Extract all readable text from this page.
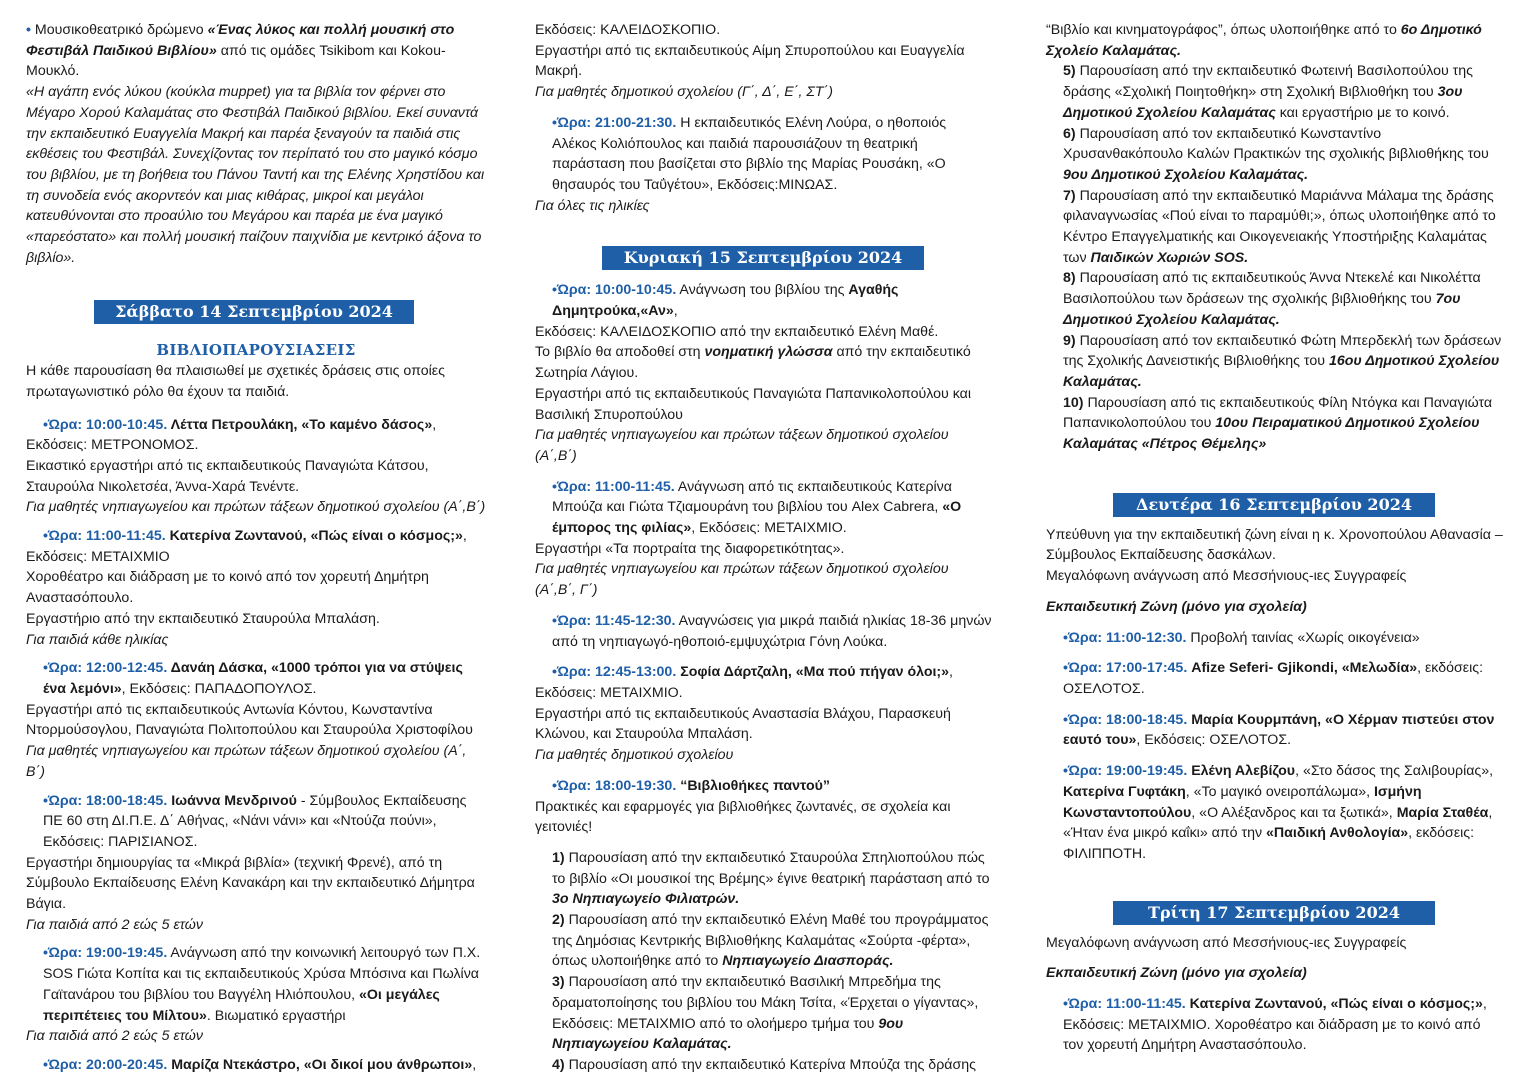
• Μουσικοθεατρικό δρώμενο «Ένας λύκος και πολλή μουσική στο Φεστιβάλ Παιδικού Βιβλίου» από τις ομάδες Tsikibom και Kokou-Μουκλό.

«Η αγάπη ενός λύκου (κούκλα muppet) για τα βιβλία τον φέρνει στο Μέγαρο Χορού Καλαμάτας στο Φεστιβάλ Παιδικού βιβλίου. Εκεί συναντά την εκπαιδευτικό Ευαγγελία Μακρή και παρέα ξεναγούν τα παιδιά στις εκθέσεις του Φεστιβάλ. Συνεχίζοντας τον περίπατό του στο μαγικό κόσμο του βιβλίου, με τη βοήθεια του Πάνου Ταντή και της Ελένης Χρηστίδου και τη συνοδεία ενός ακορντεόν και μιας κιθάρας, μικροί και μεγάλοι κατευθύνονται στο προαύλιο του Μεγάρου και παρέα με ένα μαγικό «παρεόστατο» και πολλή μουσική παίζουν παιχνίδια με κεντρικό άξονα το βιβλίο».

Σάββατο 14 Σεπτεμβρίου 2024

ΒΙΒΛΙΟΠΑΡΟΥΣΙΑΣΕΙΣ

Η κάθε παρουσίαση θα πλαισιωθεί με σχετικές δράσεις στις οποίες πρωταγωνιστικό ρόλο θα έχουν τα παιδιά.

•Ώρα: 10:00-10:45. Λέττα Πετρουλάκη, «Το καμένο δάσος»,

Εκδόσεις: ΜΕΤΡΟΝΟΜΟΣ.

Εικαστικό εργαστήρι από τις εκπαιδευτικούς Παναγιώτα Κάτσου, Σταυρούλα Νικολετσέα, Άννα-Χαρά Τενέντε.

Για μαθητές νηπιαγωγείου και πρώτων τάξεων δημοτικού σχολείου (Α΄,Β΄)

•Ώρα: 11:00-11:45. Κατερίνα Ζωντανού, «Πώς είναι ο κόσμος;»,

Εκδόσεις: ΜΕΤΑΙΧΜΙΟ

Χοροθέατρο και διάδραση με το κοινό από τον χορευτή Δημήτρη Αναστασόπουλο.

Εργαστήριο από την εκπαιδευτικό Σταυρούλα Μπαλάση.

Για παιδιά κάθε ηλικίας

•Ώρα: 12:00-12:45. Δανάη Δάσκα, «1000 τρόποι για να στύψεις ένα λεμόνι», Εκδόσεις: ΠΑΠΑΔΟΠΟΥΛΟΣ.

Εργαστήρι από τις εκπαιδευτικούς Αντωνία Κόντου, Κωνσταντίνα Ντορμούσογλου, Παναγιώτα Πολιτοπούλου και Σταυρούλα Χριστοφίλου

Για μαθητές νηπιαγωγείου και πρώτων τάξεων δημοτικού σχολείου (Α΄, Β΄)

•Ώρα: 18:00-18:45. Ιωάννα Μενδρινού - Σύμβουλος Εκπαίδευσης ΠΕ 60 στη ΔΙ.Π.Ε. Δ΄ Αθήνας, «Νάνι νάνι» και «Ντούζα πούνι», Εκδόσεις: ΠΑΡΙΣΙΑΝΟΣ.

Εργαστήρι δημιουργίας τα «Μικρά βιβλία» (τεχνική Φρενέ), από τη Σύμβουλο Εκπαίδευσης Ελένη Κανακάρη και την εκπαιδευτικό Δήμητρα Βάγια.

Για παιδιά από 2 εώς 5 ετών

•Ώρα: 19:00-19:45. Ανάγνωση από την κοινωνική λειτουργό των Π.Χ. SOS Γιώτα Κοπίτα και τις εκπαιδευτικούς Χρύσα Μπόσινα και Πωλίνα Γαϊτανάρου του βιβλίου του Βαγγέλη Ηλιόπουλου, «Οι μεγάλες περιπέτειες του Μίλτου». Βιωματικό εργαστήρι

Για παιδιά από 2 εώς 5 ετών

•Ώρα: 20:00-20:45. Μαρίζα Ντεκάστρο, «Οι δικοί μου άνθρωποι»,

Εκδόσεις: ΚΑΛΕΙΔΟΣΚΟΠΙΟ.

Εργαστήρι από τις εκπαιδευτικούς Αίμη Σπυροπούλου και Ευαγγελία Μακρή.

Για μαθητές δημοτικού σχολείου (Γ΄, Δ΄, Ε΄, ΣΤ΄)

•Ώρα: 21:00-21:30. Η εκπαιδευτικός Ελένη Λούρα, ο ηθοποιός Αλέκος Κολιόπουλος και παιδιά παρουσιάζουν τη θεατρική παράσταση που βασίζεται στο βιβλίο της Μαρίας Ρουσάκη, «Ο θησαυρός του Ταΰγέτου», Εκδόσεις:ΜΙΝΩΑΣ.

Για όλες τις ηλικίες

Κυριακή 15 Σεπτεμβρίου 2024

•Ώρα: 10:00-10:45. Ανάγνωση του βιβλίου της Αγαθής Δημητρούκα,«Αν»,

Εκδόσεις: ΚΑΛΕΙΔΟΣΚΟΠΙΟ από την εκπαιδευτικό Ελένη Μαθέ.

Το βιβλίο θα αποδοθεί στη νοηματική γλώσσα από την εκπαιδευτικό Σωτηρία Λάγιου.

Εργαστήρι από τις εκπαιδευτικούς Παναγιώτα Παπανικολοπούλου και Βασιλική Σπυροπούλου

Για μαθητές νηπιαγωγείου και πρώτων τάξεων δημοτικού σχολείου (Α΄,Β΄)

•Ώρα: 11:00-11:45. Ανάγνωση από τις εκπαιδευτικούς Κατερίνα Μπούζα και Γιώτα Τζιαμουράνη του βιβλίου του Alex Cabrera, «Ο έμπορος της φιλίας», Εκδόσεις: ΜΕΤΑΙΧΜΙΟ.

Εργαστήρι «Τα πορτραίτα της διαφορετικότητας».

Για μαθητές νηπιαγωγείου και πρώτων τάξεων δημοτικού σχολείου (Α΄,Β΄, Γ΄)

•Ώρα: 11:45-12:30. Αναγνώσεις για μικρά παιδιά ηλικίας 18-36 μηνών από τη νηπιαγωγό-ηθοποιό-εμψυχώτρια Γόνη Λούκα.

•Ώρα: 12:45-13:00. Σοφία Δάρτζαλη, «Μα πού πήγαν όλοι;»,

Εκδόσεις: ΜΕΤΑΙΧΜΙΟ.

Εργαστήρι από τις εκπαιδευτικούς Αναστασία Βλάχου, Παρασκευή Κλώνου, και Σταυρούλα Μπαλάση.

Για μαθητές δημοτικού σχολείου

•Ώρα: 18:00-19:30. “Βιβλιοθήκες παντού”

Πρακτικές και εφαρμογές για βιβλιοθήκες ζωντανές, σε σχολεία και γειτονιές!

1) Παρουσίαση από την εκπαιδευτικό Σταυρούλα Σπηλιοπούλου πώς το βιβλίο «Οι μουσικοί της Βρέμης» έγινε θεατρική παράσταση από το 3ο Νηπιαγωγείο Φιλιατρών.

2) Παρουσίαση από την εκπαιδευτικό Ελένη Μαθέ του προγράμματος της Δημόσιας Κεντρικής Βιβλιοθήκης Καλαμάτας «Σούρτα -φέρτα», όπως υλοποιήθηκε από το Νηπιαγωγείο Διασποράς.

3) Παρουσίαση από την εκπαιδευτικό Βασιλική Μπρεδήμα της δραματοποίησης του βιβλίου του Μάκη Τσίτα, «Έρχεται ο γίγαντας», Εκδόσεις: ΜΕΤΑΙΧΜΙΟ από το ολοήμερο τμήμα του 9ου Νηπιαγωγείου Καλαμάτας.

4) Παρουσίαση από την εκπαιδευτικό Κατερίνα Μπούζα της δράσης

“Βιβλίο και κινηματογράφος”, όπως υλοποιήθηκε από το 6ο Δημοτικό Σχολείο Καλαμάτας.

5) Παρουσίαση από την εκπαιδευτικό Φωτεινή Βασιλοπούλου της δράσης «Σχολική Ποιητοθήκη» στη Σχολική Βιβλιοθήκη του 3ου Δημοτικού Σχολείου Καλαμάτας και εργαστήριο με το κοινό.

6) Παρουσίαση από τον εκπαιδευτικό Κωνσταντίνο Χρυσανθακόπουλο Καλών Πρακτικών της σχολικής βιβλιοθήκης του 9ου Δημοτικού Σχολείου Καλαμάτας.

7) Παρουσίαση από την εκπαιδευτικό Μαριάννα Μάλαμα της δράσης φιλαναγνωσίας «Πού είναι το παραμύθι;», όπως υλοποιήθηκε από το Κέντρο Επαγγελματικής και Οικογενειακής Υποστήριξης Καλαμάτας των Παιδικών Χωριών SOS.

8) Παρουσίαση από τις εκπαιδευτικούς Άννα Ντεκελέ και Νικολέττα Βασιλοπούλου των δράσεων της σχολικής βιβλιοθήκης του 7ου Δημοτικού Σχολείου Καλαμάτας.

9) Παρουσίαση από τον εκπαιδευτικό Φώτη Μπερδεκλή των δράσεων της Σχολικής Δανειστικής Βιβλιοθήκης του 16ου Δημοτικού Σχολείου Καλαμάτας.

10) Παρουσίαση από τις εκπαιδευτικούς Φίλη Ντόγκα και Παναγιώτα Παπανικολοπούλου του 10ου Πειραματικού Δημοτικού Σχολείου Καλαμάτας «Πέτρος Θέμελης»

Δευτέρα 16 Σεπτεμβρίου 2024

Υπεύθυνη για την εκπαιδευτική ζώνη είναι η κ. Χρονοπούλου Αθανασία –Σύμβουλος Εκπαίδευσης δασκάλων.

Μεγαλόφωνη ανάγνωση από Μεσσήνιους-ιες Συγγραφείς

Εκπαιδευτική Ζώνη (μόνο για σχολεία)

•Ώρα: 11:00-12:30. Προβολή ταινίας «Χωρίς οικογένεια»

•Ώρα: 17:00-17:45. Afize Seferi- Gjikondi, «Μελωδία», εκδόσεις: ΟΣΕΛΟΤΟΣ.

•Ώρα: 18:00-18:45. Μαρία Κουρμπάνη, «Ο Χέρμαν πιστεύει στον εαυτό του», Εκδόσεις: ΟΣΕΛΟΤΟΣ.

•Ώρα: 19:00-19:45. Ελένη Αλεβίζου, «Στο δάσος της Σαλιβουρίας», Κατερίνα Γυφτάκη, «Το μαγικό ονειροπάλωμα», Ισμήνη Κωνσταντοπούλου, «Ο Αλέξανδρος και τα ξωτικά», Μαρία Σταθέα, «Ήταν ένα μικρό καΐκι» από την «Παιδική Ανθολογία», εκδόσεις: ΦΙΛΙΠΠΟΤΗ.

Τρίτη 17 Σεπτεμβρίου 2024

Μεγαλόφωνη ανάγνωση από Μεσσήνιους-ιες Συγγραφείς

Εκπαιδευτική Ζώνη (μόνο για σχολεία)

•Ώρα: 11:00-11:45. Κατερίνα Ζωντανού, «Πώς είναι ο κόσμος;», Εκδόσεις: ΜΕΤΑΙΧΜΙΟ. Χοροθέατρο και διάδραση με το κοινό από τον χορευτή Δημήτρη Αναστασόπουλο.
